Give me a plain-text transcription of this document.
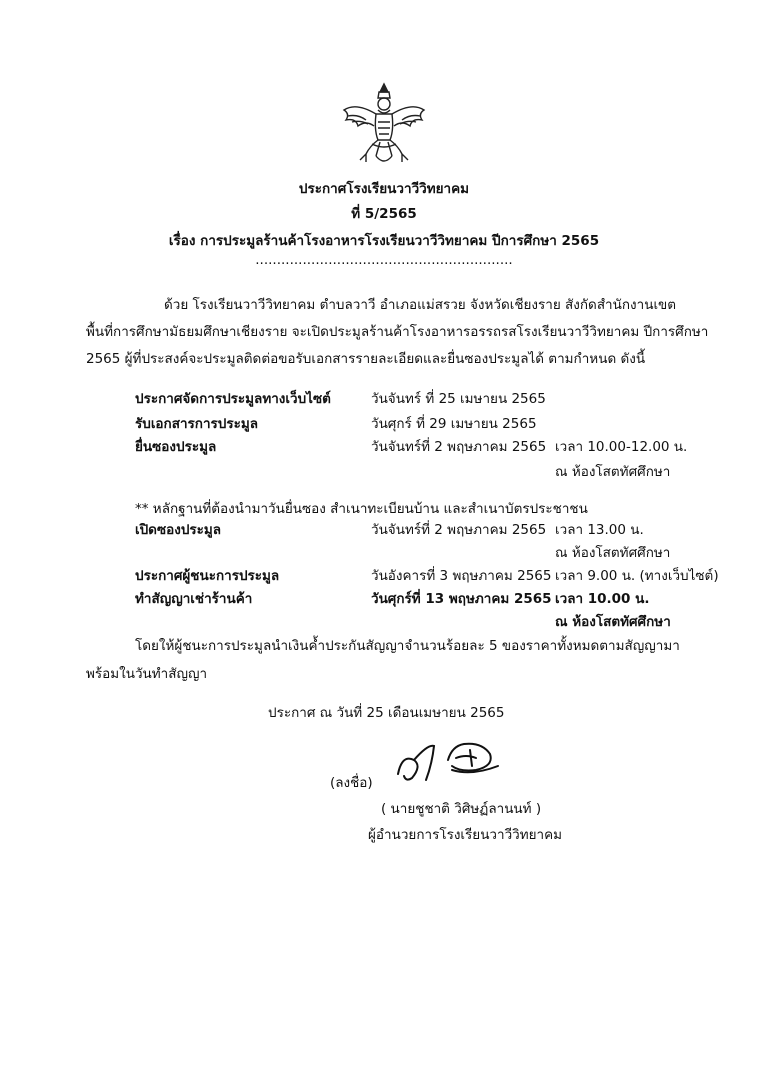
ประกาศโรงเรียนวาวีวิทยาคม
ที่ 5/2565
เรื่อง การประมูลร้านค้าโรงอาหารโรงเรียนวาวีวิทยาคม ปีการศึกษา 2565
............................................................
ด้วย โรงเรียนวาวีวิทยาคม ตำบลวาวี อำเภอแม่สรวย จังหวัดเชียงราย สังกัดสำนักงานเขต
พื้นที่การศึกษามัธยมศึกษาเชียงราย จะเปิดประมูลร้านค้าโรงอาหารอรรถรสโรงเรียนวาวีวิทยาคม ปีการศึกษา
2565 ผู้ที่ประสงค์จะประมูลติดต่อขอรับเอกสารรายละเอียดและยื่นซองประมูลได้ ตามกำหนด ดังนี้
ประกาศจัดการประมูลทางเว็บไซต์	วันจันทร์ ที่ 25 เมษายน 2565
รับเอกสารการประมูล	วันศุกร์ ที่ 29 เมษายน 2565
ยื่นซองประมูล	วันจันทร์ที่ 2 พฤษภาคม 2565 เวลา 10.00-12.00 น.
ณ ห้องโสตทัศศึกษา
** หลักฐานที่ต้องนำมาวันยื่นซอง สำเนาทะเบียนบ้าน และสำเนาบัตรประชาชน
เปิดซองประมูล	วันจันทร์ที่ 2 พฤษภาคม 2565 เวลา 13.00 น.
ณ ห้องโสตทัศศึกษา
ประกาศผู้ชนะการประมูล	วันอังคารที่ 3 พฤษภาคม 2565 เวลา 9.00 น. (ทางเว็บไซต์)
ทำสัญญาเช่าร้านค้า	วันศุกร์ที่ 13 พฤษภาคม 2565 เวลา 10.00 น.
ณ ห้องโสตทัศศึกษา
โดยให้ผู้ชนะการประมูลนำเงินค้ำประกันสัญญาจำนวนร้อยละ 5 ของราคาทั้งหมดตามสัญญามา
พร้อมในวันทำสัญญา
ประกาศ ณ วันที่ 25 เดือนเมษายน 2565
(ลงชื่อ)
( นายชูชาติ วิศิษฏ์ลานนท์ )
ผู้อำนวยการโรงเรียนวาวีวิทยาคม
